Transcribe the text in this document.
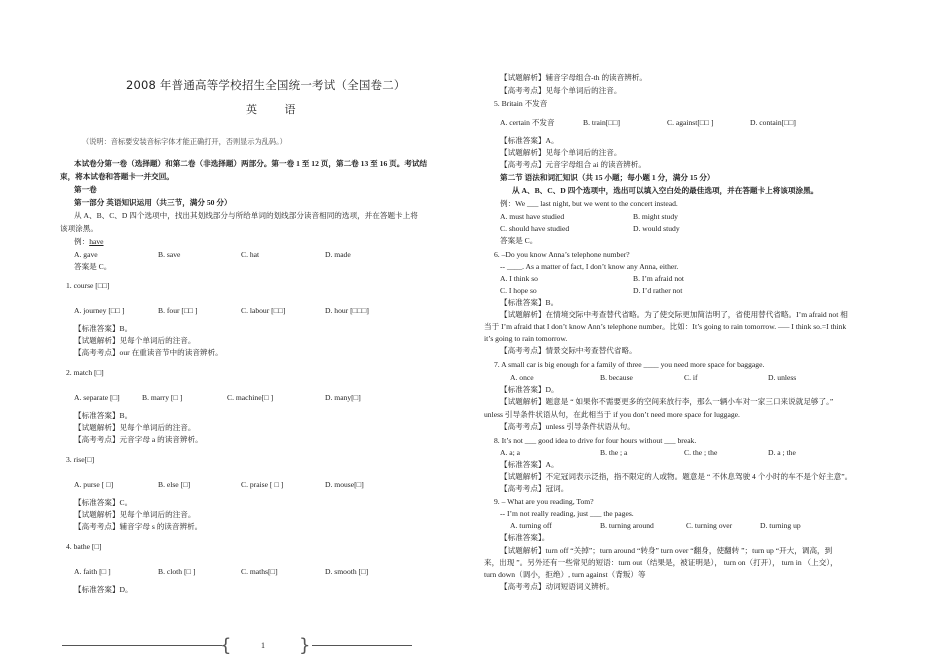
2008 年普通高等学校招生全国统一考试（全国卷二）
英 语
（说明：音标要安装音标字体才能正确打开，否则显示为乱码。）
本试卷分第一卷（选择题）和第二卷（非选择题）两部分。第一卷 1 至 12 页，第二卷 13 至 16 页。考试结
束，将本试卷和答题卡一并交回。
第一卷
第一部分 英语知识运用（共三节，满分 50 分）
从 A、B、C、D 四个选项中，找出其划线部分与所给单词的划线部分读音相同的选项，并在答题卡上将
该项涂黑。
例：have
A. gave	B. save	C. hat	D. made
答案是 C。
1. course [□□]
A. journey [□□ ]	B. four [□□ ]	C. labour [□□]	D. hour [□□□]
【标准答案】B。
【试题解析】见每个单词后的注音。
【高考考点】our 在重读音节中的读音辨析。
2. match [□]
A. separate [□]	B. marry [□ ]	C. machine[□ ]	D. many[□]
【标准答案】B。
【试题解析】见每个单词后的注音。
【高考考点】元音字母 a 的读音辨析。
3. rise[□]
A. purse [ □]	B. else [□]	C. praise [ □ ]	D. mouse[□]
【标准答案】C。
【试题解析】见每个单词后的注音。
【高考考点】辅音字母 s 的读音辨析。
4. bathe [□]
A. faith [□ ]	B. cloth [□ ]	C. maths[□]	D. smooth [□]
【标准答案】D。
【试题解析】辅音字母组合-th 的读音辨析。
【高考考点】见每个单词后的注音。
5. Britain 不发音
A. certain 不发音	B. train[□□]	C. against[□□ ]	D. contain[□□]
【标准答案】A。
【试题解析】见每个单词后的注音。
【高考考点】元音字母组合 ai 的读音辨析。
第二节 语法和词汇知识（共 15 小题；每小题 1 分，满分 15 分）
从 A、B、C、D 四个选项中，选出可以填入空白处的最佳选项，并在答题卡上将该项涂黑。
例：We ___ last night, but we went to the concert instead.
A. must have studied	B. might study
C. should have studied	D. would study
答案是 C。
6. –Do you know Anna’s telephone number?
-- ____. As a matter of fact, I don’t know any Anna, either.
A. I think so	B. I’m afraid not
C. I hope so	D. I’d rather not
【标准答案】B。
【试题解析】在情境交际中考查替代省略。为了使交际更加简洁明了，省使用替代省略。I’m afraid not 相
当于 I’m afraid that I don’t know Ann’s telephone number。比如：It’s going to rain tomorrow. —– I think so.=I think
it’s going to rain tomorrow.
【高考考点】情景交际中考查替代省略。
7. A small car is big enough for a family of three ____ you need more space for baggage.
A. once	B. because	C. if	D. unless
【标准答案】D。
【试题解析】题意是 “ 如果你不需要更多的空间来放行李，那么一辆小车对一家三口来说就足够了。”
unless 引导条件状语从句，在此相当于 if you don’t need more space for luggage.
【高考考点】unless 引导条件状语从句。
8. It’s not ___ good idea to drive for four hours without ___ break.
A. a; a	B. the ; a	C. the ; the	D. a ; the
【标准答案】A。
【试题解析】不定冠词表示泛指，指不限定的人或物。题意是 “ 不休息驾驶 4 个小时的车不是个好主意”。
【高考考点】冠词。
9. – What are you reading, Tom?
-- I’m not really reading, just ___ the pages.
A. turning off	B. turning around	C. turning over	D. turning up
【标准答案】。
【试题解析】turn off “关掉”；turn around “转身” turn over “翻身，使翻转 ”；turn up “开大，调高，到
来，出现 ”。另外还有一些常见的短语：turn out（结果是，被证明是）， turn on（打开）， turn in （上交），
turn down（调小，拒绝）, turn against（背叛）等
【高考考点】动词短语词义辨析。
{	1 }
